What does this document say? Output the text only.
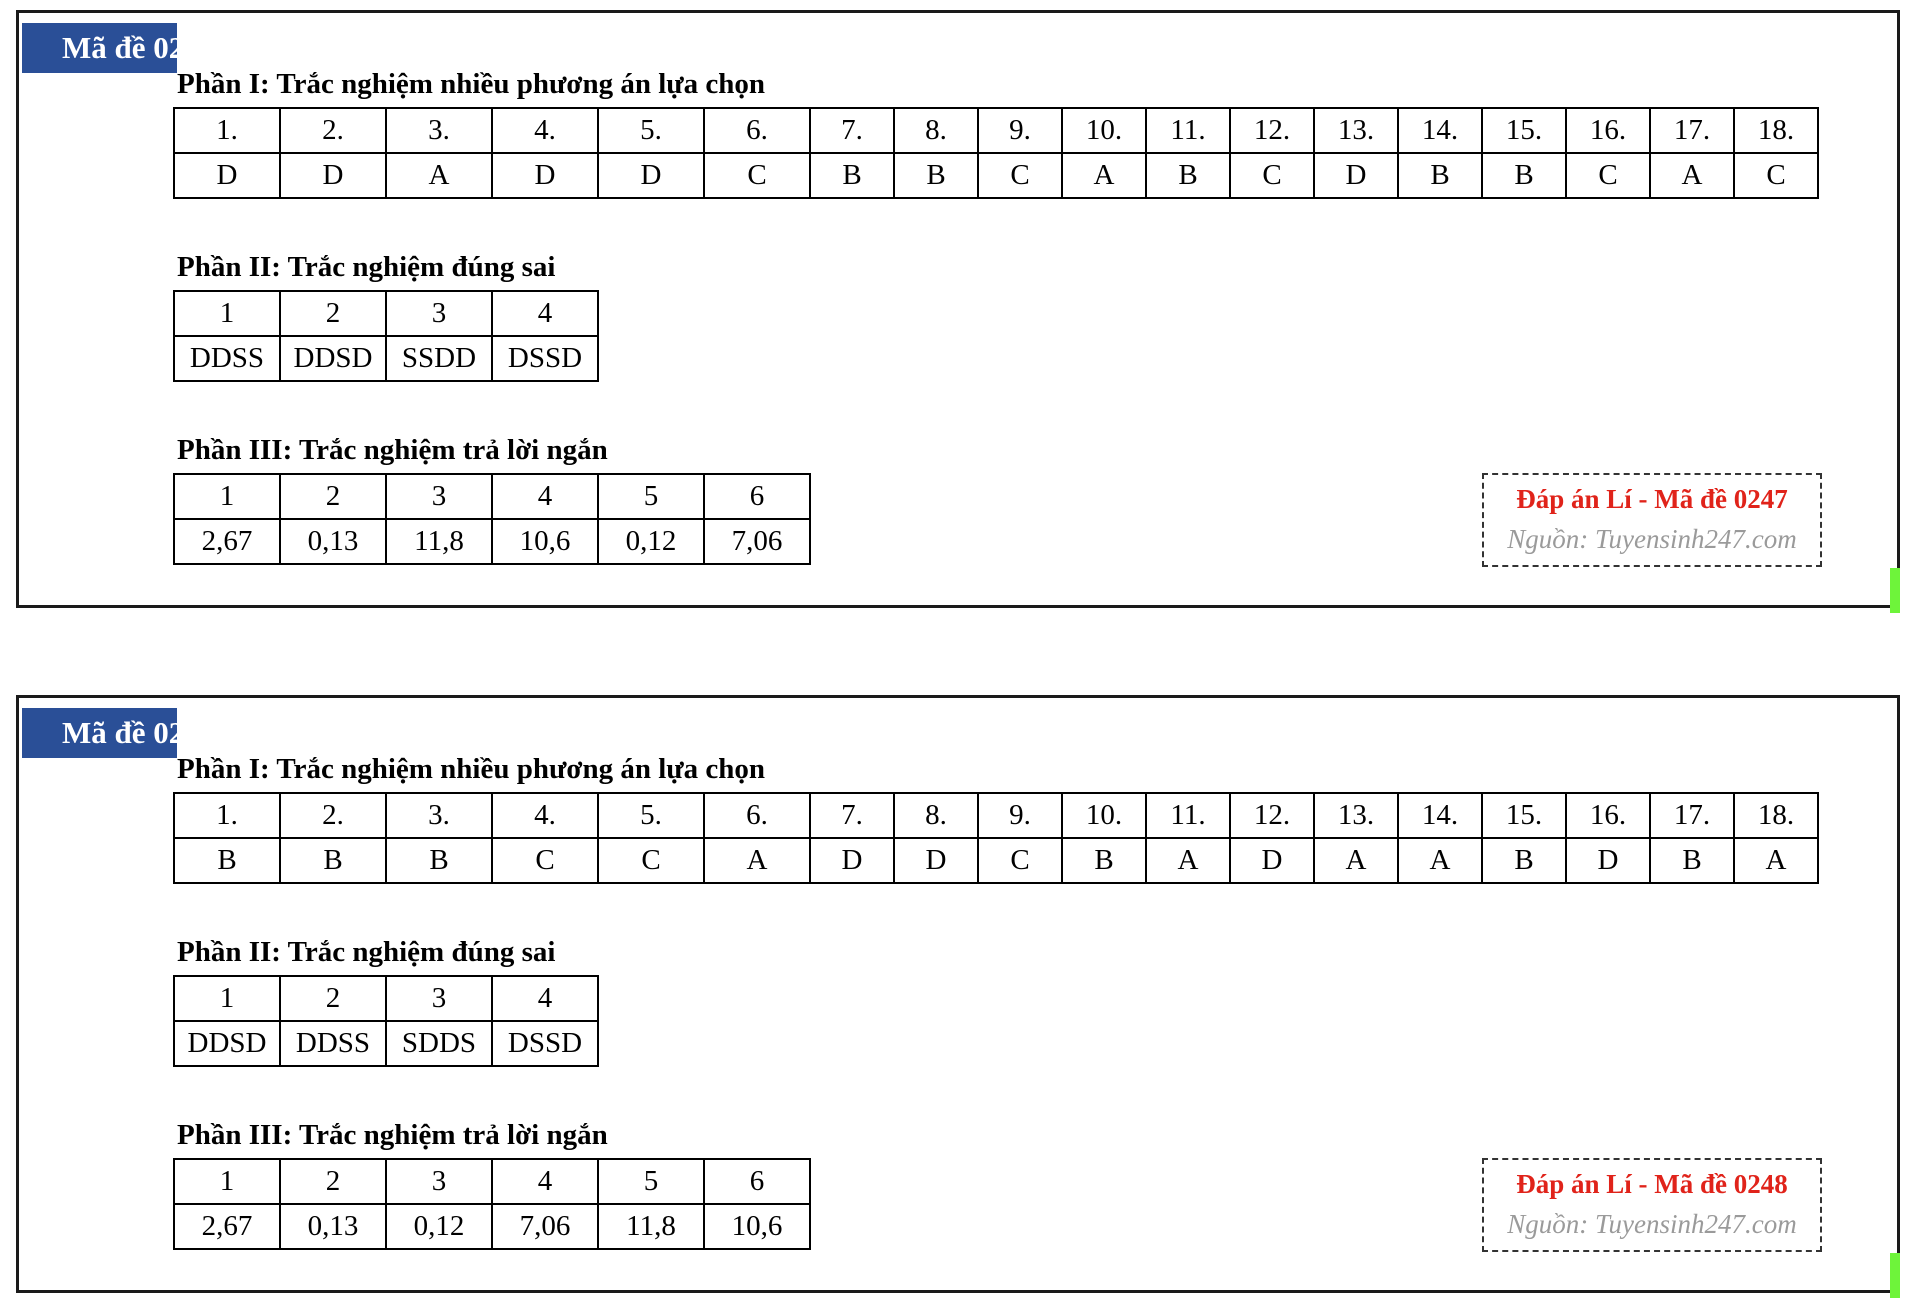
Mã đề 0247
Phần I: Trắc nghiệm nhiều phương án lựa chọn
1.	2.	3.	4.	5.	6.	7.	8.	9.	10.	11.	12.	13.	14.	15.	16.	17.	18.
D	D	A	D	D	C	B	B	C	A	B	C	D	B	B	C	A	C
Phần II: Trắc nghiệm đúng sai
1	2	3	4
DDSS	DDSD	SSDD	DSSD
Phần III: Trắc nghiệm trả lời ngắn
1	2	3	4	5	6
2,67	0,13	11,8	10,6	0,12	7,06
Đáp án Lí - Mã đề 0247
Nguồn: Tuyensinh247.com
Mã đề 0248
Phần I: Trắc nghiệm nhiều phương án lựa chọn
1.	2.	3.	4.	5.	6.	7.	8.	9.	10.	11.	12.	13.	14.	15.	16.	17.	18.
B	B	B	C	C	A	D	D	C	B	A	D	A	A	B	D	B	A
Phần II: Trắc nghiệm đúng sai
1	2	3	4
DDSD	DDSS	SDDS	DSSD
Phần III: Trắc nghiệm trả lời ngắn
1	2	3	4	5	6
2,67	0,13	0,12	7,06	11,8	10,6
Đáp án Lí - Mã đề 0248
Nguồn: Tuyensinh247.com
